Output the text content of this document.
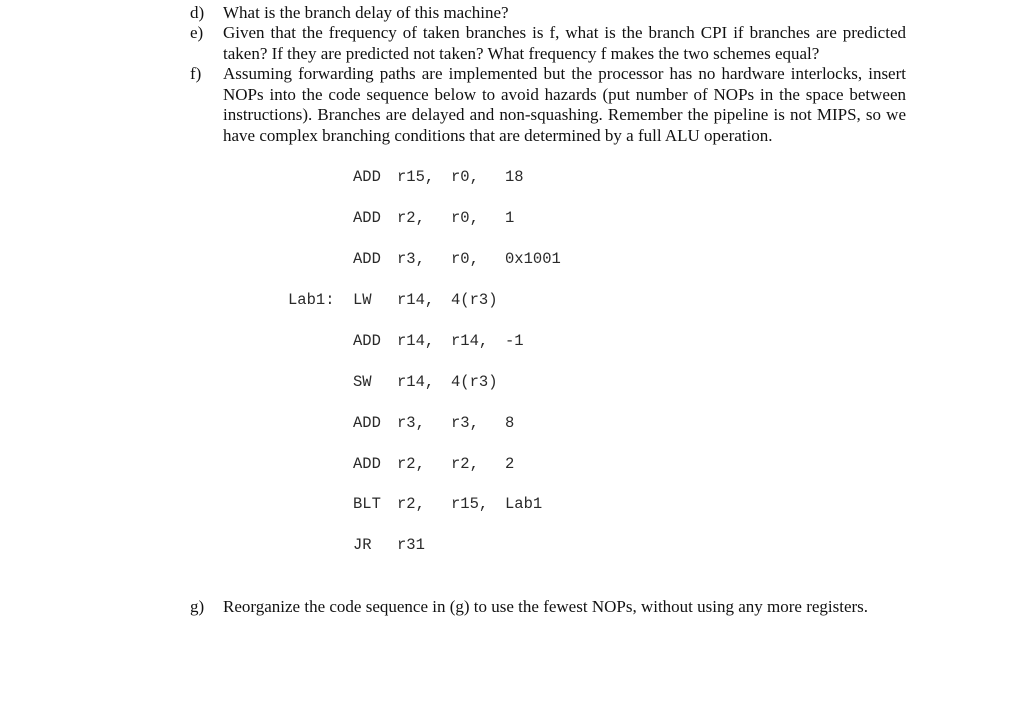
d) What is the branch delay of this machine?
e) Given that the frequency of taken branches is f, what is the branch CPI if branches are predicted taken? If they are predicted not taken? What frequency f makes the two schemes equal?
f) Assuming forwarding paths are implemented but the processor has no hardware interlocks, insert NOPs into the code sequence below to avoid hazards (put number of NOPs in the space between instructions). Branches are delayed and non-squashing. Remember the pipeline is not MIPS, so we have complex branching conditions that are determined by a full ALU operation.

ADD

r15,

r0,

18

ADD

r2,

r0,

1

ADD

r3,

r0,

0x1001

Lab1:

LW

r14,

4(r3)

ADD

r14,

r14,

-1

SW

r14,

4(r3)

ADD

r3,

r3,

8

ADD

r2,

r2,

2

BLT

r2,

r15,

Lab1

JR

r31

g) Reorganize the code sequence in (g) to use the fewest NOPs, without using any more registers.
